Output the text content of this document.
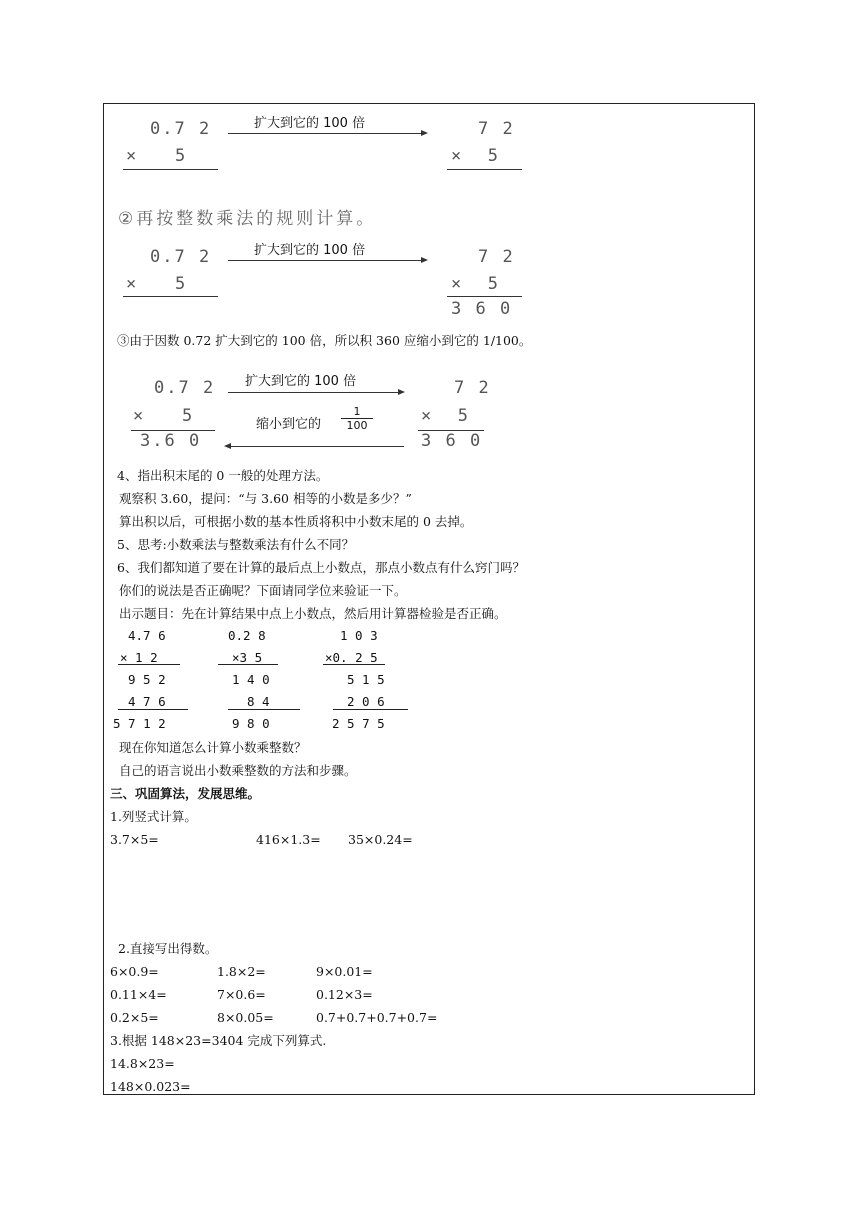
0.7 2
×   5
扩大到它的 100 倍	7 2
×  5
②再按整数乘法的规则计算。
0.7 2
×   5
扩大到它的 100 倍	7 2
×  5
3 6 0
③由于因数 0.72 扩大到它的 100 倍，所以积 360 应缩小到它的 1/100。
0.7 2
×   5
3.6 0
扩大到它的 100 倍
缩小到它的 $\frac{1}{100}$
7 2
×  5
3 6 0
4、指出积末尾的 0 一般的处理方法。
观察积 3.60，提问：“与 3.60 相等的小数是多少？”
算出积以后，可根据小数的基本性质将积中小数末尾的 0 去掉。
5、思考:小数乘法与整数乘法有什么不同？
6、我们都知道了要在计算的最后点上小数点，那点小数点有什么窍门吗？
你们的说法是否正确呢？下面请同学位来验证一下。
出示题目：先在计算结果中点上小数点，然后用计算器检验是否正确。
4.7 6
× 1 2
9 5 2
4 7 6
5 7 1 2
0.2 8
×3 5
1 4 0
8 4
9 8 0
1 0 3
×0. 2 5
5 1 5
2 0 6
2 5 7 5
现在你知道怎么计算小数乘整数？
自己的语言说出小数乘整数的方法和步骤。
三、巩固算法，发展思维。
1.列竖式计算。
3.7×5=	416×1.3= 35×0.24=
2.直接写出得数。
6×0.9=	1.8×2=	9×0.01=
0.11×4=	7×0.6=	0.12×3=
0.2×5=	8×0.05=	0.7+0.7+0.7+0.7=
3.根据 148×23=3404 完成下列算式.
14.8×23=
148×0.023=
